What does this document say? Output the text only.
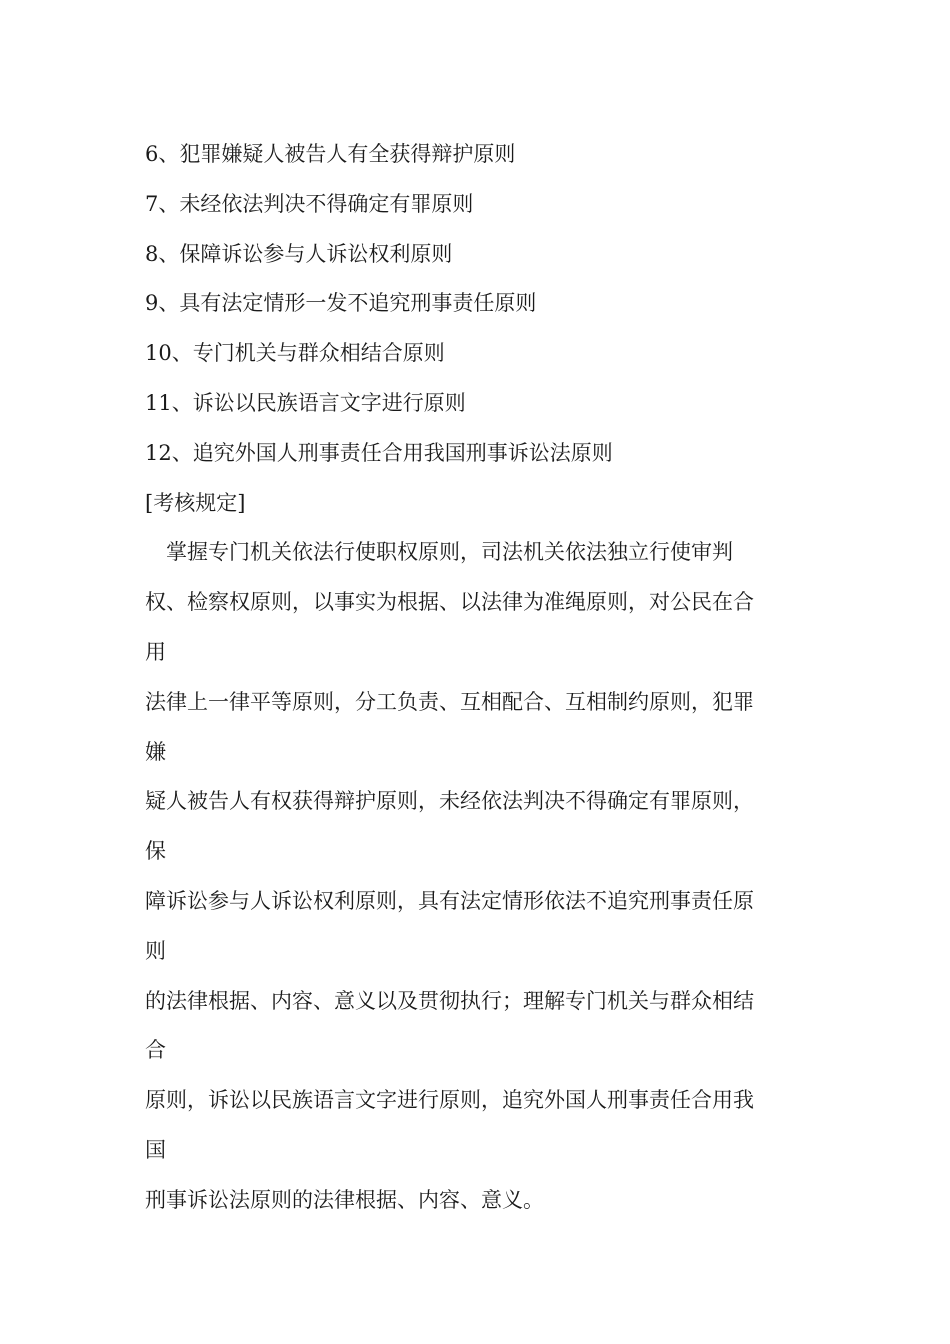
6、犯罪嫌疑人被告人有全获得辩护原则
7、未经依法判决不得确定有罪原则
8、保障诉讼参与人诉讼权利原则
9、具有法定情形一发不追究刑事责任原则
10、专门机关与群众相结合原则
11、诉讼以民族语言文字进行原则
12、追究外国人刑事责任合用我国刑事诉讼法原则
[考核规定]
掌握专门机关依法行使职权原则，司法机关依法独立行使审判
权、检察权原则，以事实为根据、以法律为准绳原则，对公民在合
用
法律上一律平等原则，分工负责、互相配合、互相制约原则，犯罪
嫌
疑人被告人有权获得辩护原则，未经依法判决不得确定有罪原则，
保
障诉讼参与人诉讼权利原则，具有法定情形依法不追究刑事责任原
则
的法律根据、内容、意义以及贯彻执行；理解专门机关与群众相结
合
原则，诉讼以民族语言文字进行原则，追究外国人刑事责任合用我
国
刑事诉讼法原则的法律根据、内容、意义。
